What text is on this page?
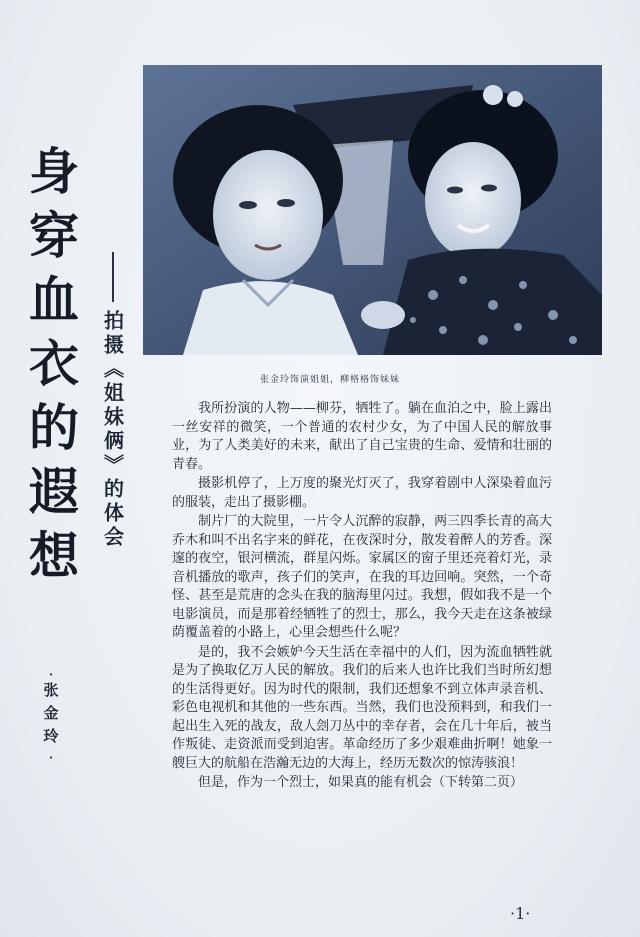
身
穿
血
衣
的
遐
想
拍摄《姐妹俩》的体会
·
张金玲
·
张金玲饰演姐姐，柳格格饰妹妹

我所扮演的人物——柳芬，牺牲了。躺在血泊之中，脸上露出一丝安祥的微笑，一个普通的农村少女，为了中国人民的解放事业，为了人类美好的未来，献出了自己宝贵的生命、爱情和壮丽的青春。

摄影机停了，上万度的聚光灯灭了，我穿着剧中人深染着血污的服装，走出了摄影棚。

制片厂的大院里，一片令人沉醉的寂静，两三四季长青的高大乔木和叫不出名字来的鲜花，在夜深时分，散发着醉人的芳香。深邃的夜空，银河横流，群星闪烁。家属区的窗子里还亮着灯光，录音机播放的歌声，孩子们的笑声，在我的耳边回响。突然，一个奇怪、甚至是荒唐的念头在我的脑海里闪过。我想，假如我不是一个电影演员，而是那着经牺牲了的烈士，那么，我今天走在这条被绿荫覆盖着的小路上，心里会想些什么呢？

是的，我不会嫉妒今天生活在幸福中的人们，因为流血牺牲就是为了换取亿万人民的解放。我们的后来人也许比我们当时所幻想的生活得更好。因为时代的限制，我们还想象不到立体声录音机、彩色电视机和其他的一些东西。当然，我们也没预料到，和我们一起出生入死的战友，敌人刽刀丛中的幸存者，会在几十年后，被当作叛徒、走资派而受到迫害。革命经历了多少艰难曲折啊！她象一艘巨大的航船在浩瀚无边的大海上，经历无数次的惊涛骇浪！

但是，作为一个烈士，如果真的能有机会（下转第二页）

·1·
